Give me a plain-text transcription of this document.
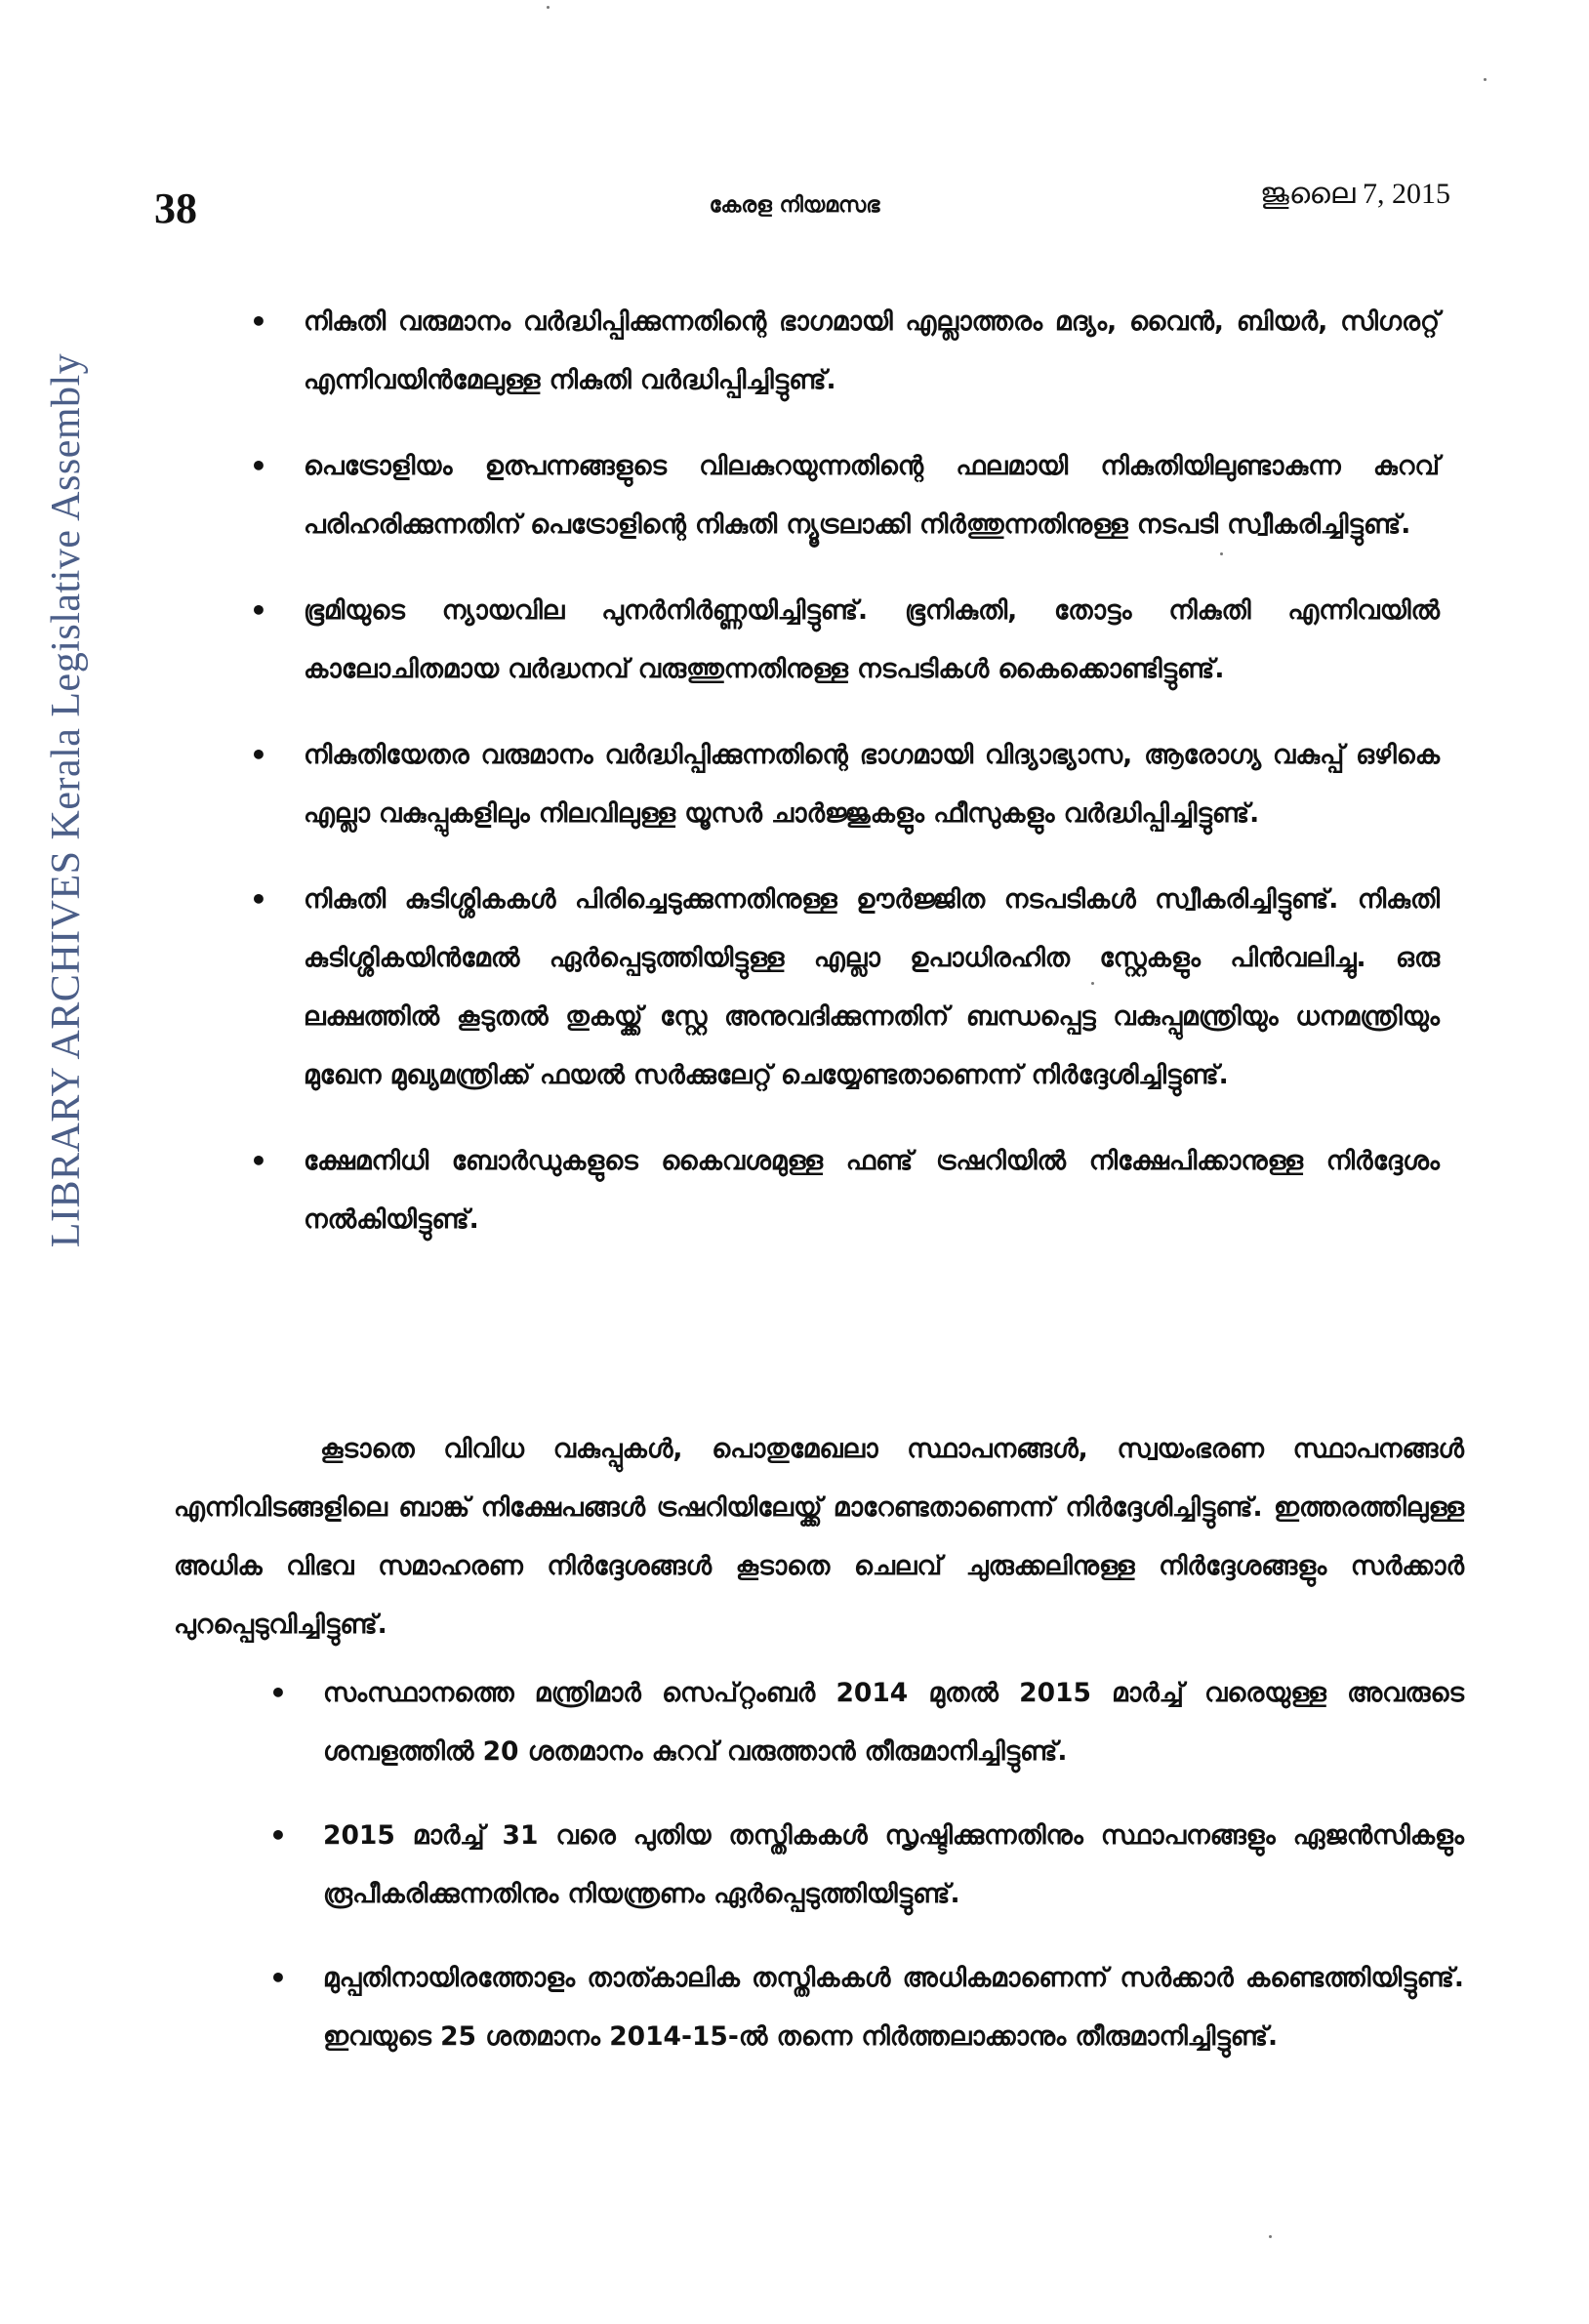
38	കേരള നിയമസഭ	ജൂലൈ 7, 2015
LIBRARY ARCHIVES Kerala Legislative Assembly
• നികുതി വരുമാനം വർദ്ധിപ്പിക്കുന്നതിന്റെ ഭാഗമായി എല്ലാത്തരം മദ്യം, വൈൻ, ബിയർ, സിഗരറ്റ് എന്നിവയിൻമേലുള്ള നികുതി വർദ്ധിപ്പിച്ചിട്ടുണ്ട്.
• പെട്രോളിയം ഉത്പന്നങ്ങളുടെ വിലകുറയുന്നതിന്റെ ഫലമായി നികുതിയിലുണ്ടാകുന്ന കുറവ് പരിഹരിക്കുന്നതിന് പെട്രോളിന്റെ നികുതി ന്യൂട്രലാക്കി നിർത്തുന്നതിനുള്ള നടപടി സ്വീകരിച്ചിട്ടുണ്ട്.
• ഭൂമിയുടെ ന്യായവില പുനർനിർണ്ണയിച്ചിട്ടുണ്ട്. ഭൂനികുതി, തോട്ടം നികുതി എന്നിവയിൽ കാലോചിതമായ വർദ്ധനവ് വരുത്തുന്നതിനുള്ള നടപടികൾ കൈക്കൊണ്ടിട്ടുണ്ട്.
• നികുതിയേതര വരുമാനം വർദ്ധിപ്പിക്കുന്നതിന്റെ ഭാഗമായി വിദ്യാഭ്യാസ, ആരോഗ്യ വകുപ്പ് ഒഴികെ എല്ലാ വകുപ്പുകളിലും നിലവിലുള്ള യൂസർ ചാർജ്ജുകളും ഫീസുകളും വർദ്ധിപ്പിച്ചിട്ടുണ്ട്.
• നികുതി കുടിശ്ശികകൾ പിരിച്ചെടുക്കുന്നതിനുള്ള ഊർജ്ജിത നടപടികൾ സ്വീകരിച്ചിട്ടുണ്ട്. നികുതി കുടിശ്ശികയിൻമേൽ ഏർപ്പെടുത്തിയിട്ടുള്ള എല്ലാ ഉപാധിരഹിത സ്റ്റേകളും പിൻവലിച്ചു. ഒരു ലക്ഷത്തിൽ കൂടുതൽ തുകയ്ക്ക് സ്റ്റേ അനുവദിക്കുന്നതിന് ബന്ധപ്പെട്ട വകുപ്പുമന്ത്രിയും ധനമന്ത്രിയും മുഖേന മുഖ്യമന്ത്രിക്ക് ഫയൽ സർക്കുലേറ്റ് ചെയ്യേണ്ടതാണെന്ന് നിർദ്ദേശിച്ചിട്ടുണ്ട്.
• ക്ഷേമനിധി ബോർഡുകളുടെ കൈവശമുള്ള ഫണ്ട് ട്രഷറിയിൽ നിക്ഷേപിക്കാനുള്ള നിർദ്ദേശം നൽകിയിട്ടുണ്ട്.

കൂടാതെ വിവിധ വകുപ്പുകൾ, പൊതുമേഖലാ സ്ഥാപനങ്ങൾ, സ്വയംഭരണ സ്ഥാപനങ്ങൾ എന്നിവിടങ്ങളിലെ ബാങ്ക് നിക്ഷേപങ്ങൾ ട്രഷറിയിലേയ്ക്ക് മാറേണ്ടതാണെന്ന് നിർദ്ദേശിച്ചിട്ടുണ്ട്. ഇത്തരത്തിലുള്ള അധിക വിഭവ സമാഹരണ നിർദ്ദേശങ്ങൾ കൂടാതെ ചെലവ് ചുരുക്കലിനുള്ള നിർദ്ദേശങ്ങളും സർക്കാർ പുറപ്പെടുവിച്ചിട്ടുണ്ട്.

• സംസ്ഥാനത്തെ മന്ത്രിമാർ സെപ്റ്റംബർ 2014 മുതൽ 2015 മാർച്ച് വരെയുള്ള അവരുടെ ശമ്പളത്തിൽ 20 ശതമാനം കുറവ് വരുത്താൻ തീരുമാനിച്ചിട്ടുണ്ട്.
• 2015 മാർച്ച് 31 വരെ പുതിയ തസ്തികകൾ സൃഷ്ടിക്കുന്നതിനും സ്ഥാപനങ്ങളും ഏജൻസികളും രൂപീകരിക്കുന്നതിനും നിയന്ത്രണം ഏർപ്പെടുത്തിയിട്ടുണ്ട്.
• മുപ്പതിനായിരത്തോളം താത്കാലിക തസ്തികകൾ അധികമാണെന്ന് സർക്കാർ കണ്ടെത്തിയിട്ടുണ്ട്. ഇവയുടെ 25 ശതമാനം 2014-15-ൽ തന്നെ നിർത്തലാക്കാനും തീരുമാനിച്ചിട്ടുണ്ട്.
